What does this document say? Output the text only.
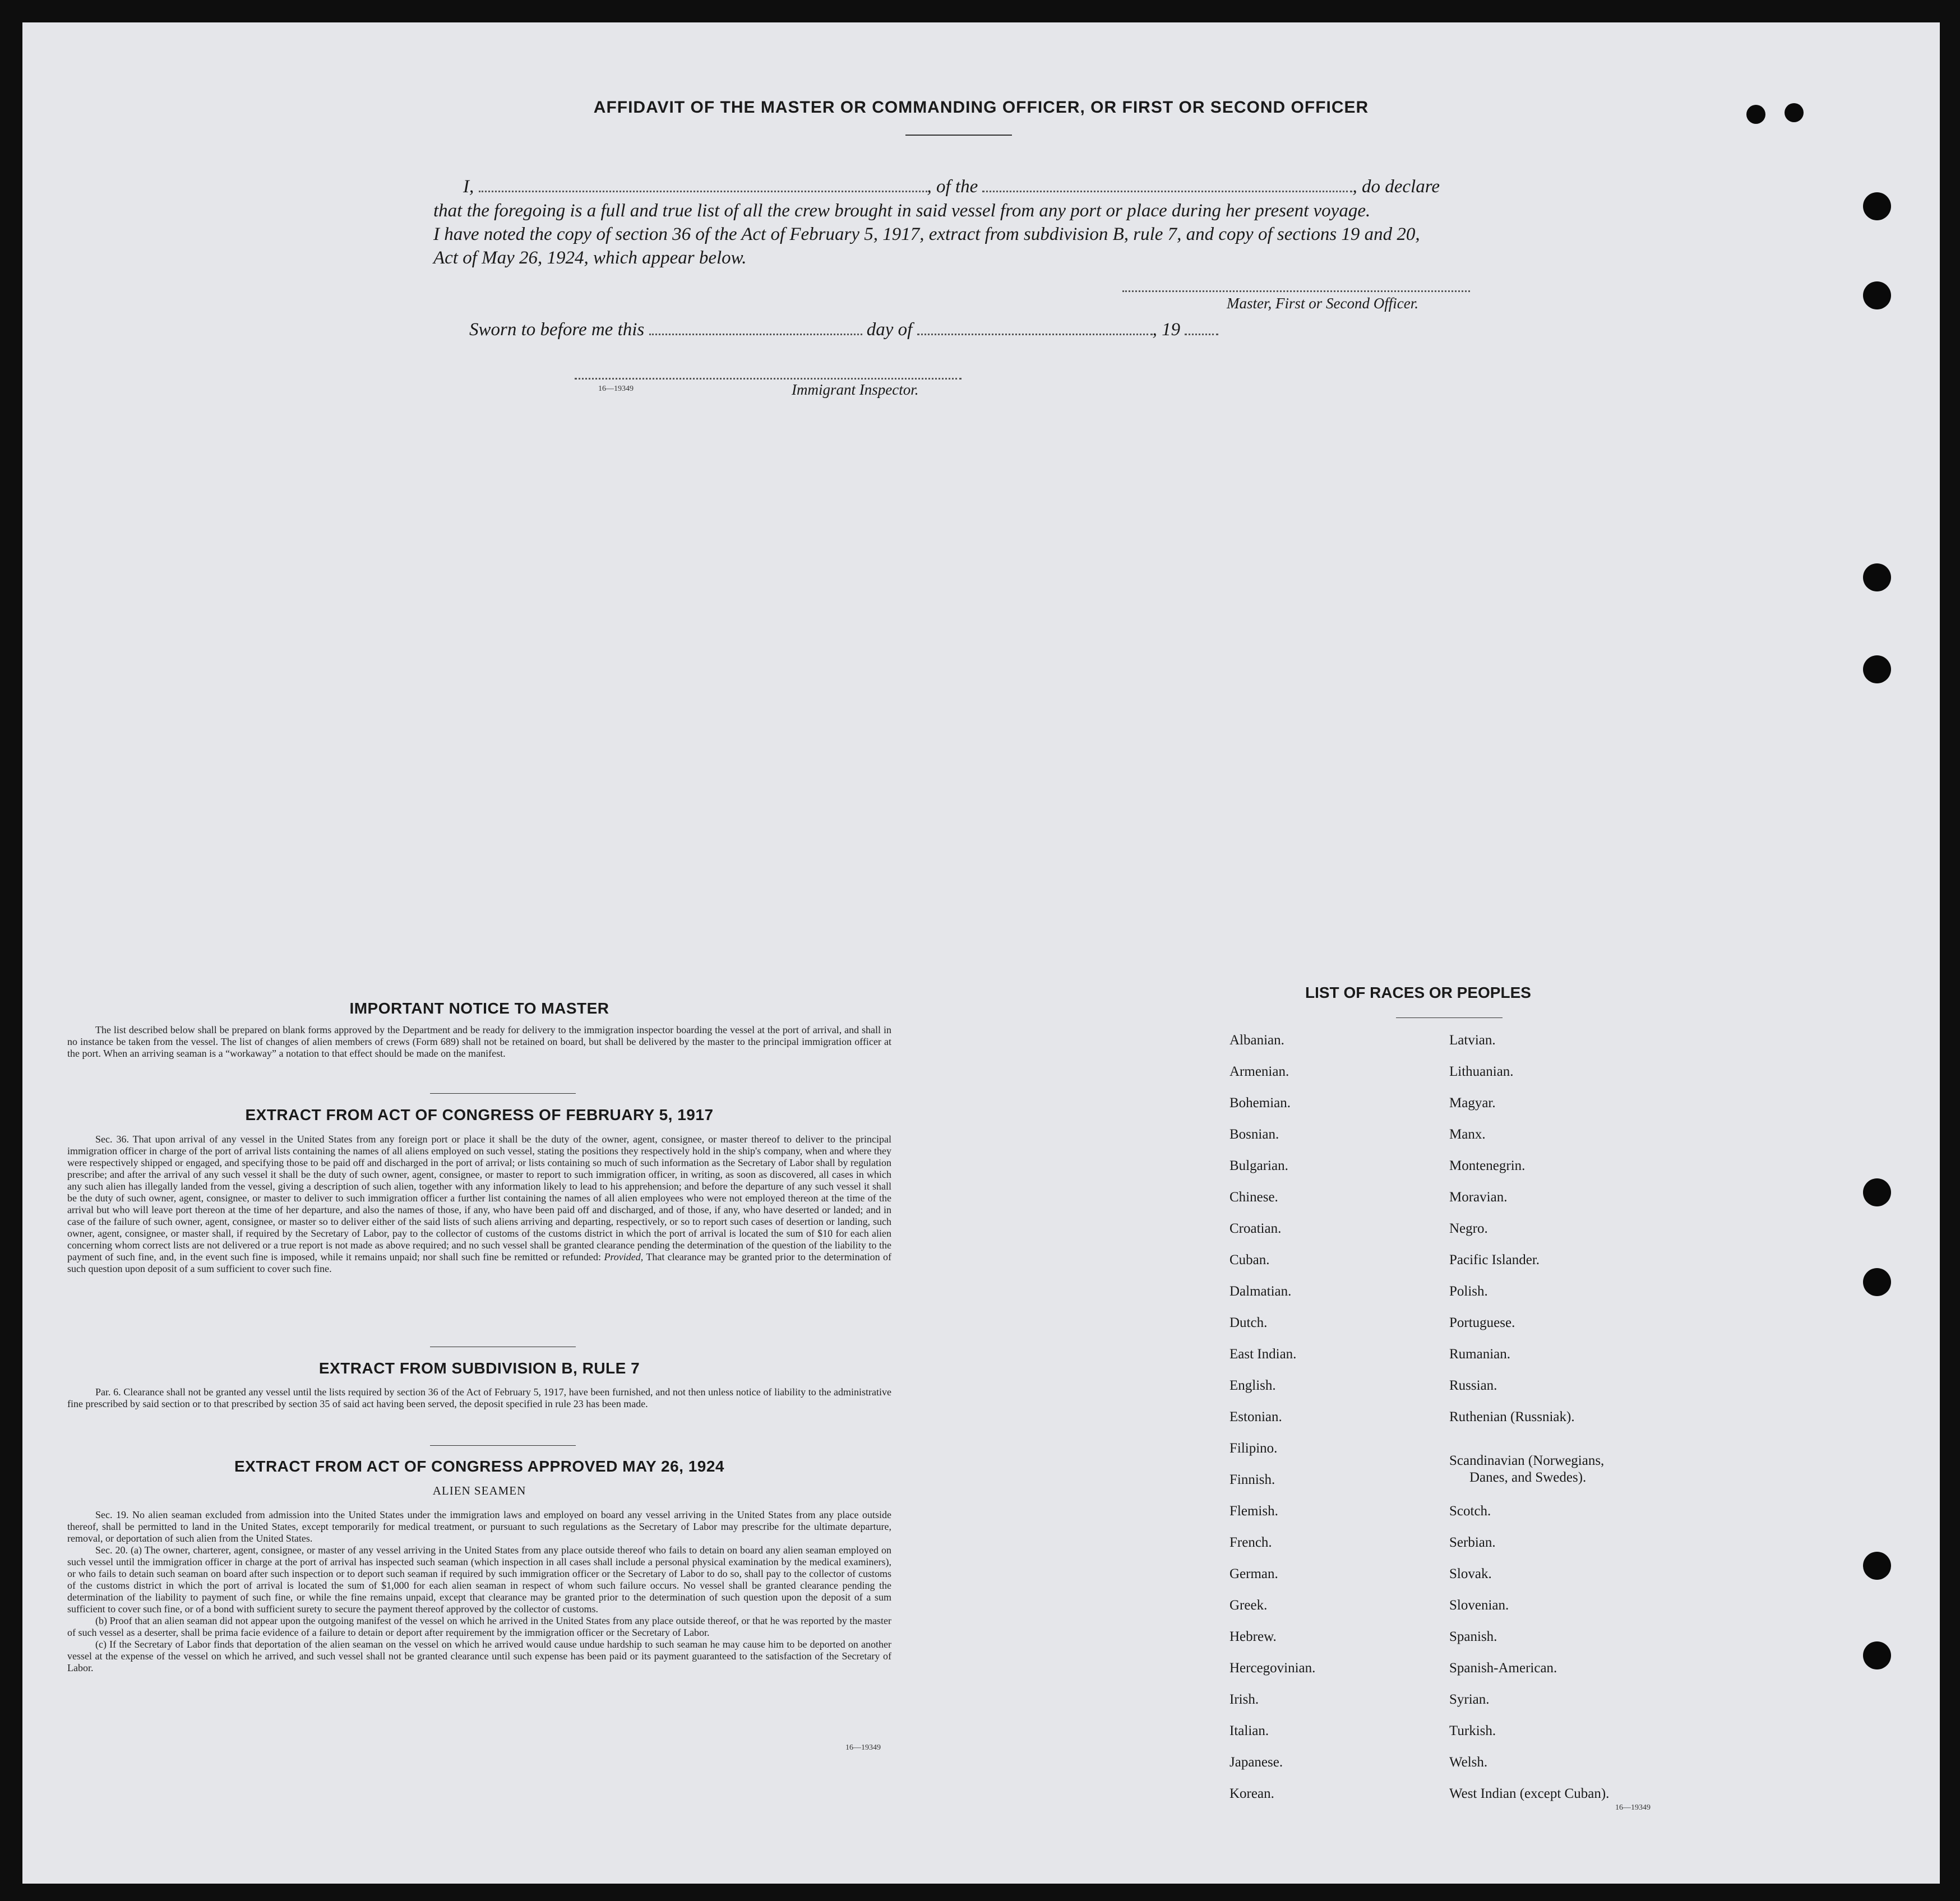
AFFIDAVIT OF THE MASTER OR COMMANDING OFFICER, OR FIRST OR SECOND OFFICER
I,	, of the	, do declare
that the foregoing is a full and true list of all the crew brought in said vessel from any port or place during her present voyage.
I have noted the copy of section 36 of the Act of February 5, 1917, extract from subdivision B, rule 7, and copy of sections 19 and 20,
Act of May 26, 1924, which appear below.
Master, First or Second Officer.
Sworn to before me this	day of	, 19
16—19349	Immigrant Inspector.
IMPORTANT NOTICE TO MASTER

The list described below shall be prepared on blank forms approved by the Department and be ready for delivery to the immigration inspector boarding the vessel at the port of arrival, and shall in no instance be taken from the vessel. The list of changes of alien members of crews (Form 689) shall not be retained on board, but shall be delivered by the master to the principal immigration officer at the port. When an arriving seaman is a “workaway” a notation to that effect should be made on the manifest.

EXTRACT FROM ACT OF CONGRESS OF FEBRUARY 5, 1917

Sec. 36. That upon arrival of any vessel in the United States from any foreign port or place it shall be the duty of the owner, agent, consignee, or master thereof to deliver to the principal immigration officer in charge of the port of arrival lists containing the names of all aliens employed on such vessel, stating the positions they respectively hold in the ship's company, when and where they were respectively shipped or engaged, and specifying those to be paid off and discharged in the port of arrival; or lists containing so much of such information as the Secretary of Labor shall by regulation prescribe; and after the arrival of any such vessel it shall be the duty of such owner, agent, consignee, or master to report to such immigration officer, in writing, as soon as discovered, all cases in which any such alien has illegally landed from the vessel, giving a description of such alien, together with any information likely to lead to his apprehension; and before the departure of any such vessel it shall be the duty of such owner, agent, consignee, or master to deliver to such immigration officer a further list containing the names of all alien employees who were not employed thereon at the time of the arrival but who will leave port thereon at the time of her departure, and also the names of those, if any, who have been paid off and discharged, and of those, if any, who have deserted or landed; and in case of the failure of such owner, agent, consignee, or master so to deliver either of the said lists of such aliens arriving and departing, respectively, or so to report such cases of desertion or landing, such owner, agent, consignee, or master shall, if required by the Secretary of Labor, pay to the collector of customs of the customs district in which the port of arrival is located the sum of $10 for each alien concerning whom correct lists are not delivered or a true report is not made as above required; and no such vessel shall be granted clearance pending the determination of the question of the liability to the payment of such fine, and, in the event such fine is imposed, while it remains unpaid; nor shall such fine be remitted or refunded: Provided, That clearance may be granted prior to the determination of such question upon deposit of a sum sufficient to cover such fine.

EXTRACT FROM SUBDIVISION B, RULE 7

Par. 6. Clearance shall not be granted any vessel until the lists required by section 36 of the Act of February 5, 1917, have been furnished, and not then unless notice of liability to the administrative fine prescribed by said section or to that prescribed by section 35 of said act having been served, the deposit specified in rule 23 has been made.

EXTRACT FROM ACT OF CONGRESS APPROVED MAY 26, 1924
ALIEN SEAMEN

Sec. 19. No alien seaman excluded from admission into the United States under the immigration laws and employed on board any vessel arriving in the United States from any place outside thereof, shall be permitted to land in the United States, except temporarily for medical treatment, or pursuant to such regulations as the Secretary of Labor may prescribe for the ultimate departure, removal, or deportation of such alien from the United States.

Sec. 20. (a) The owner, charterer, agent, consignee, or master of any vessel arriving in the United States from any place outside thereof who fails to detain on board any alien seaman employed on such vessel until the immigration officer in charge at the port of arrival has inspected such seaman (which inspection in all cases shall include a personal physical examination by the medical examiners), or who fails to detain such seaman on board after such inspection or to deport such seaman if required by such immigration officer or the Secretary of Labor to do so, shall pay to the collector of customs of the customs district in which the port of arrival is located the sum of $1,000 for each alien seaman in respect of whom such failure occurs. No vessel shall be granted clearance pending the determination of the liability to payment of such fine, or while the fine remains unpaid, except that clearance may be granted prior to the determination of such question upon the deposit of a sum sufficient to cover such fine, or of a bond with sufficient surety to secure the payment thereof approved by the collector of customs.

(b) Proof that an alien seaman did not appear upon the outgoing manifest of the vessel on which he arrived in the United States from any place outside thereof, or that he was reported by the master of such vessel as a deserter, shall be prima facie evidence of a failure to detain or deport after requirement by the immigration officer or the Secretary of Labor.

(c) If the Secretary of Labor finds that deportation of the alien seaman on the vessel on which he arrived would cause undue hardship to such seaman he may cause him to be deported on another vessel at the expense of the vessel on which he arrived, and such vessel shall not be granted clearance until such expense has been paid or its payment guaranteed to the satisfaction of the Secretary of Labor.

16—19349
LIST OF RACES OR PEOPLES
16—19349
Albanian.
Armenian.
Bohemian.
Bosnian.
Bulgarian.
Chinese.
Croatian.
Cuban.
Dalmatian.
Dutch.
East Indian.
English.
Estonian.
Filipino.
Finnish.
Flemish.
French.
German.
Greek.
Hebrew.
Hercegovinian.
Irish.
Italian.
Japanese.
Korean.
Latvian.
Lithuanian.
Magyar.
Manx.
Montenegrin.
Moravian.
Negro.
Pacific Islander.
Polish.
Portuguese.
Rumanian.
Russian.
Ruthenian (Russniak).
Scandinavian (Norwegians,
Danes, and Swedes).
Scotch.
Serbian.
Slovak.
Slovenian.
Spanish.
Spanish-American.
Syrian.
Turkish.
Welsh.
West Indian (except Cuban).
